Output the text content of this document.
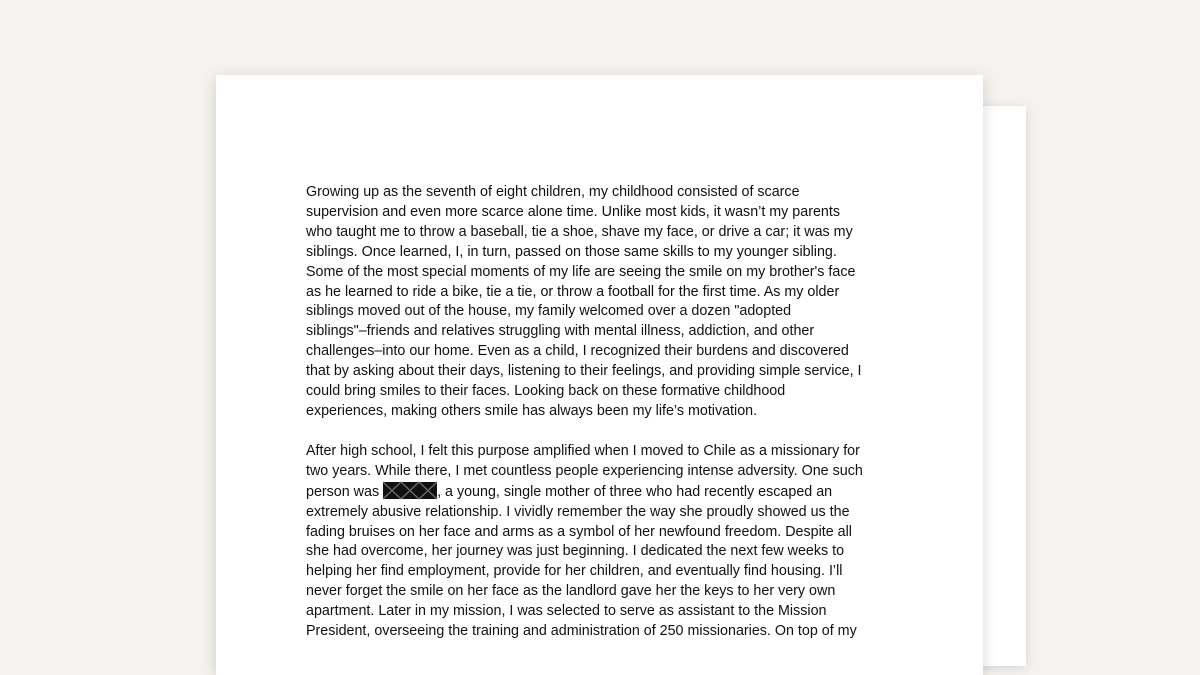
Growing up as the seventh of eight children, my childhood consisted of scarce
supervision and even more scarce alone time. Unlike most kids, it wasn’t my parents
who taught me to throw a baseball, tie a shoe, shave my face, or drive a car; it was my
siblings. Once learned, I, in turn, passed on those same skills to my younger sibling.
Some of the most special moments of my life are seeing the smile on my brother's face
as he learned to ride a bike, tie a tie, or throw a football for the first time. As my older
siblings moved out of the house, my family welcomed over a dozen "adopted
siblings"–friends and relatives struggling with mental illness, addiction, and other
challenges–into our home. Even as a child, I recognized their burdens and discovered
that by asking about their days, listening to their feelings, and providing simple service, I
could bring smiles to their faces. Looking back on these formative childhood
experiences, making others smile has always been my life’s motivation.

After high school, I felt this purpose amplified when I moved to Chile as a missionary for
two years. While there, I met countless people experiencing intense adversity. One such
person was	, a young, single mother of three who had recently escaped an
extremely abusive relationship. I vividly remember the way she proudly showed us the
fading bruises on her face and arms as a symbol of her newfound freedom. Despite all
she had overcome, her journey was just beginning. I dedicated the next few weeks to
helping her find employment, provide for her children, and eventually find housing. I’ll
never forget the smile on her face as the landlord gave her the keys to her very own
apartment. Later in my mission, I was selected to serve as assistant to the Mission
President, overseeing the training and administration of 250 missionaries. On top of my
